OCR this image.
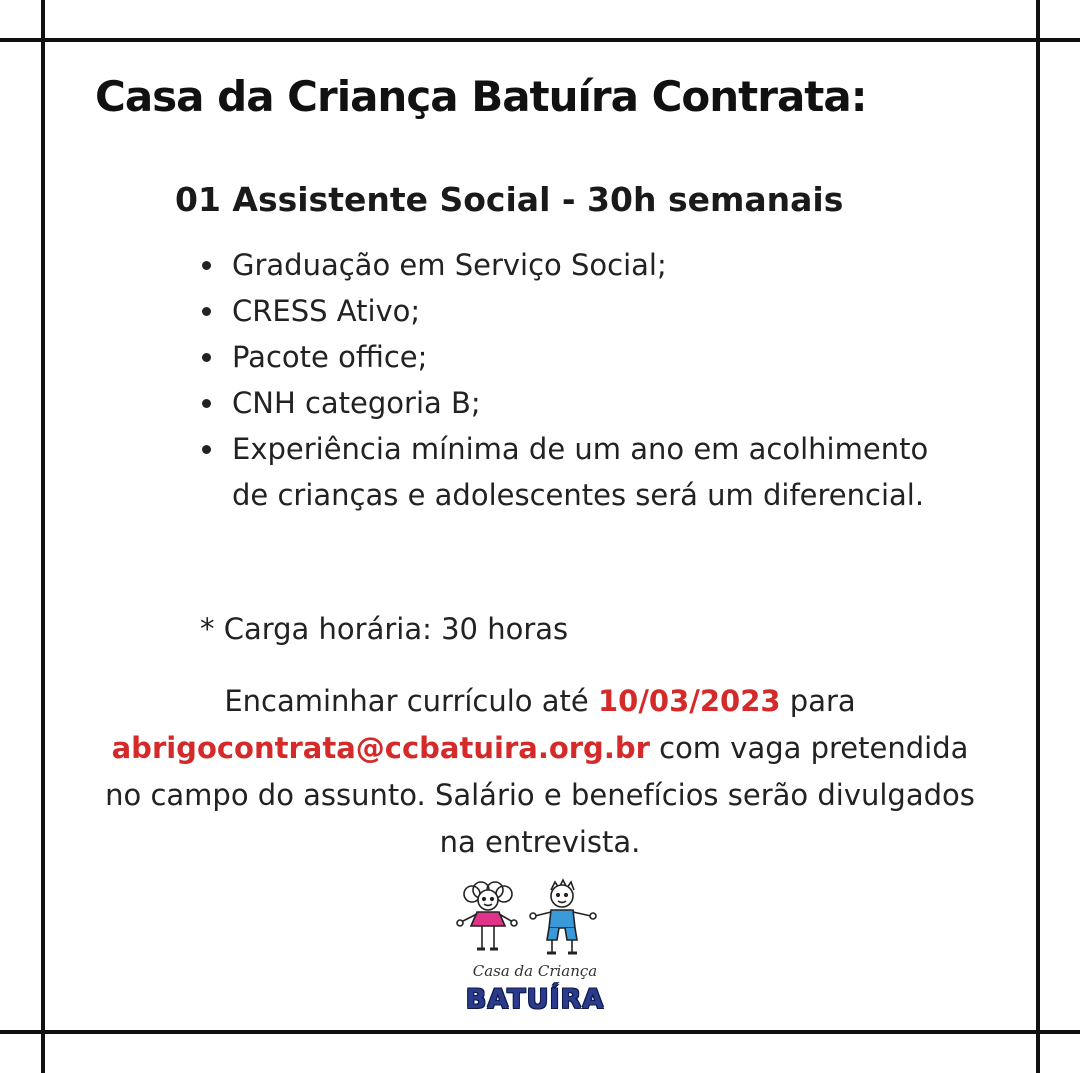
Casa da Criança Batuíra Contrata:
01 Assistente Social - 30h semanais
Graduação em Serviço Social;
CRESS Ativo;
Pacote office;
CNH categoria B;
Experiência mínima de um ano em acolhimento de crianças e adolescentes será um diferencial.
* Carga horária: 30 horas
Encaminhar currículo até 10/03/2023 para
abrigocontrata@ccbatuira.org.br com vaga pretendida no campo do assunto. Salário e benefícios serão divulgados na entrevista.
Casa da Criança
BATUÍRA
